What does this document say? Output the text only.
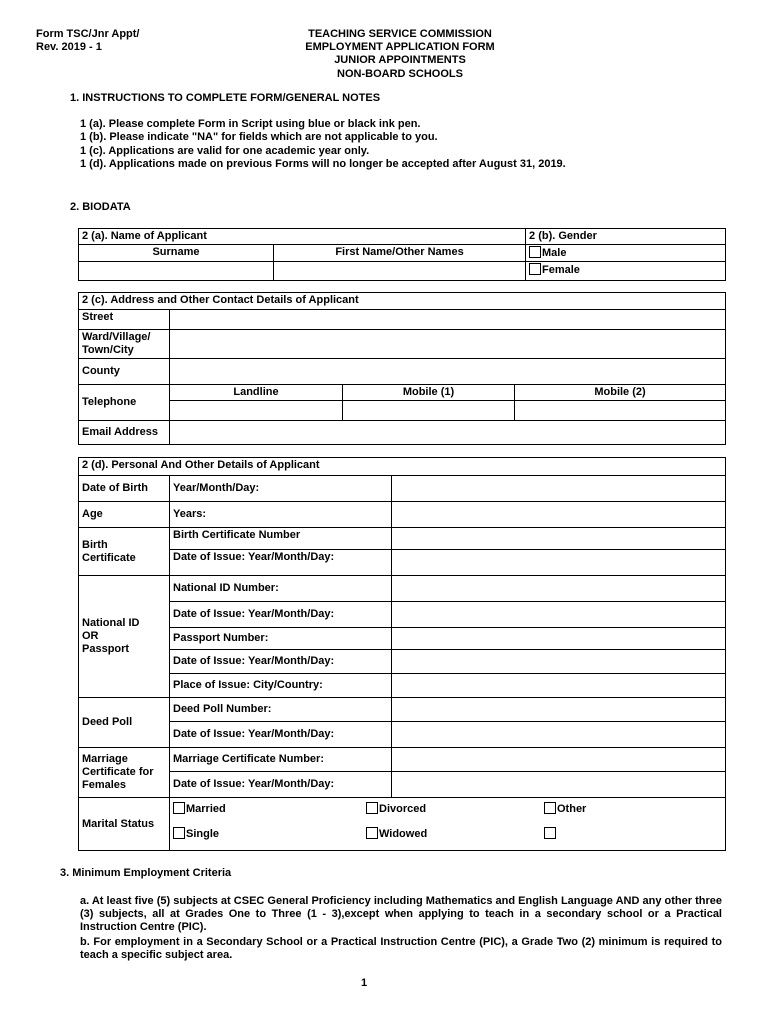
Form TSC/Jnr Appt/
Rev. 2019 - 1
TEACHING SERVICE COMMISSION
EMPLOYMENT APPLICATION FORM
JUNIOR APPOINTMENTS
NON-BOARD SCHOOLS
1. INSTRUCTIONS TO COMPLETE FORM/GENERAL NOTES
1 (a). Please complete Form in Script using blue or black ink pen.
1 (b). Please indicate "NA" for fields which are not applicable to you.
1 (c). Applications are valid for one academic year only.
1 (d). Applications made on previous Forms will no longer be accepted after August 31, 2019.
2. BIODATA
2 (a). Name of Applicant		2 (b). Gender
Surname	First Name/Other Names	Male
		Female
2 (c). Address and Other Contact Details of Applicant			
Street			
Ward/Village/
Town/City			
County			
Telephone	Landline	Mobile (1)	Mobile (2)

Email Address			
2 (d). Personal And Other Details of Applicant		
Date of Birth	Year/Month/Day:	
Age	Years:	
Birth
Certificate	Birth Certificate Number	
	Date of Issue: Year/Month/Day:	
National ID
OR
Passport	National ID Number:	
	Date of Issue: Year/Month/Day:	
	Passport Number:	
	Date of Issue: Year/Month/Day:	
	Place of Issue: City/Country:	
Deed Poll	Deed Poll Number:	
	Date of Issue: Year/Month/Day:	
Marriage
Certificate for
Females	Marriage Certificate Number:	
	Date of Issue: Year/Month/Day:	
Marital Status	Married Divorced Other
Single Widowed	
3. Minimum Employment Criteria
a. At least five (5) subjects at CSEC General Proficiency including Mathematics and English Language AND any other three (3) subjects, all at Grades One to Three (1 - 3),except when applying to teach in a secondary school or a Practical Instruction Centre (PIC).
b. For employment in a Secondary School or a Practical Instruction Centre (PIC), a Grade Two (2) minimum is required to teach a specific subject area.
1
